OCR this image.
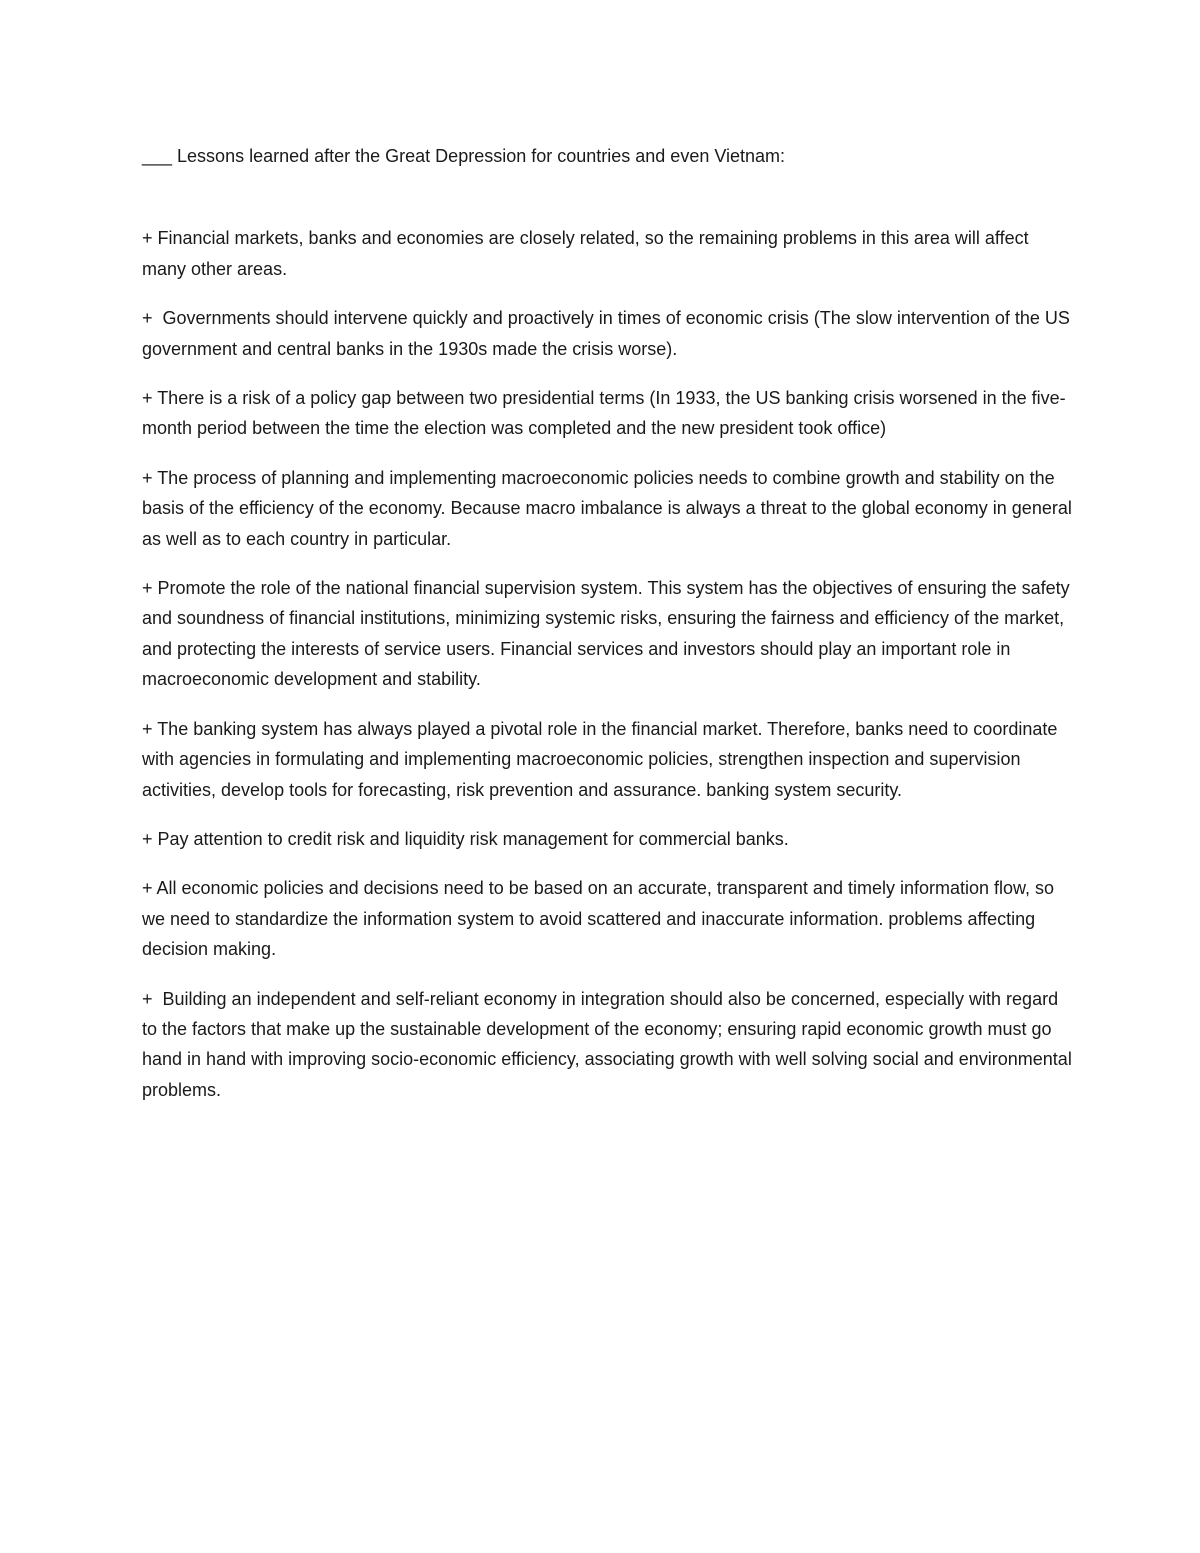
___ Lessons learned after the Great Depression for countries and even Vietnam:

+ Financial markets, banks and economies are closely related, so the remaining problems in this area will affect many other areas.

+  Governments should intervene quickly and proactively in times of economic crisis (The slow intervention of the US government and central banks in the 1930s made the crisis worse).

+ There is a risk of a policy gap between two presidential terms (In 1933, the US banking crisis worsened in the five-month period between the time the election was completed and the new president took office)

+ The process of planning and implementing macroeconomic policies needs to combine growth and stability on the basis of the efficiency of the economy. Because macro imbalance is always a threat to the global economy in general as well as to each country in particular.

+ Promote the role of the national financial supervision system. This system has the objectives of ensuring the safety and soundness of financial institutions, minimizing systemic risks, ensuring the fairness and efficiency of the market, and protecting the interests of service users. Financial services and investors should play an important role in macroeconomic development and stability.

+ The banking system has always played a pivotal role in the financial market. Therefore, banks need to coordinate with agencies in formulating and implementing macroeconomic policies, strengthen inspection and supervision activities, develop tools for forecasting, risk prevention and assurance. banking system security.

+ Pay attention to credit risk and liquidity risk management for commercial banks.

+ All economic policies and decisions need to be based on an accurate, transparent and timely information flow, so we need to standardize the information system to avoid scattered and inaccurate information. problems affecting decision making.

+  Building an independent and self-reliant economy in integration should also be concerned, especially with regard to the factors that make up the sustainable development of the economy; ensuring rapid economic growth must go hand in hand with improving socio-economic efficiency, associating growth with well solving social and environmental problems.
